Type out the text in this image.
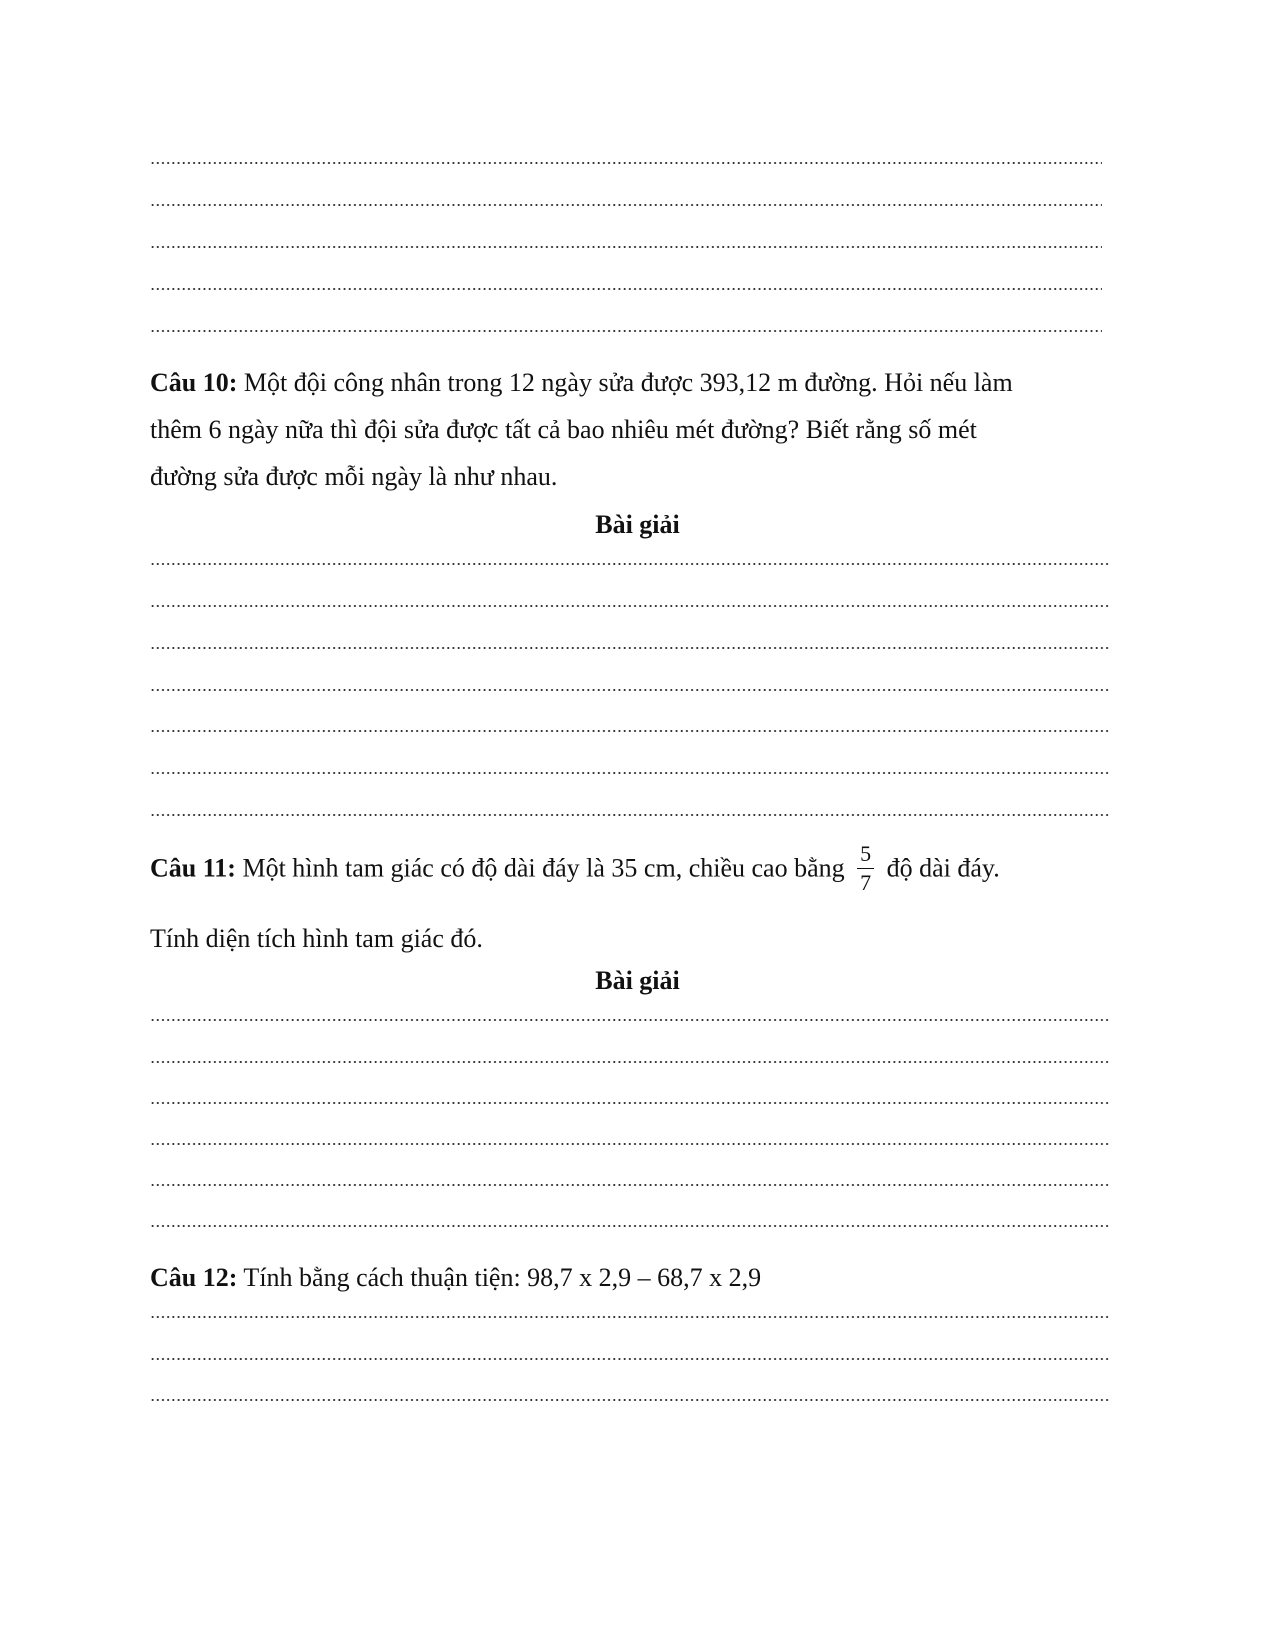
Câu 10: Một đội công nhân trong 12 ngày sửa được 393,12 m đường. Hỏi nếu làm
thêm 6 ngày nữa thì đội sửa được tất cả bao nhiêu mét đường? Biết rằng số mét
đường sửa được mỗi ngày là như nhau.
Bài giải
Câu 11: Một hình tam giác có độ dài đáy là 35 cm, chiều cao bằng $\frac{5}{7}$ độ dài đáy.
Tính diện tích hình tam giác đó.
Bài giải
Câu 12: Tính bằng cách thuận tiện: 98,7 x 2,9 – 68,7 x 2,9
